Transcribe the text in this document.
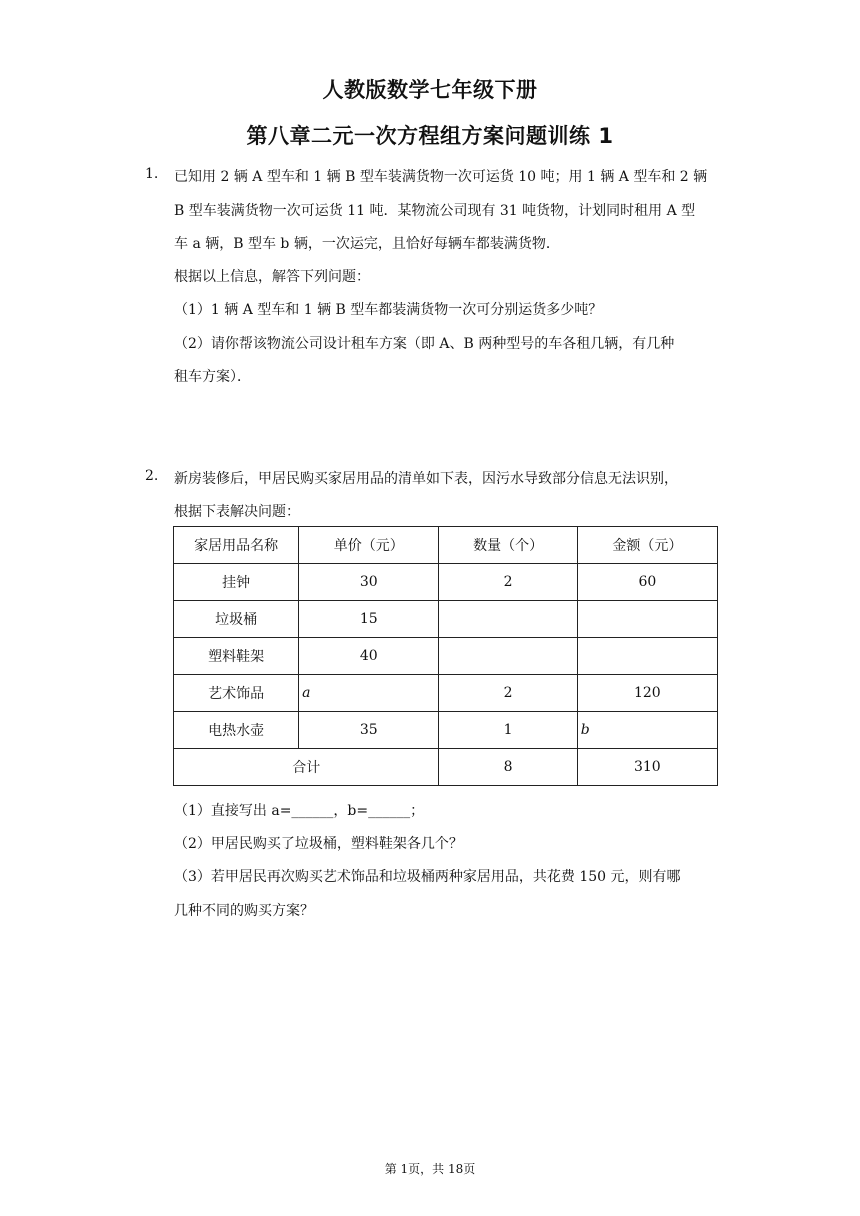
人教版数学七年级下册
第八章二元一次方程组方案问题训练 1
1. 已知用 2 辆 A 型车和 1 辆 B 型车装满货物一次可运货 10 吨；用 1 辆 A 型车和 2 辆
B 型车装满货物一次可运货 11 吨．某物流公司现有 31 吨货物，计划同时租用 A 型
车 a 辆，B 型车 b 辆，一次运完，且恰好每辆车都装满货物．
根据以上信息，解答下列问题：
（1）1 辆 A 型车和 1 辆 B 型车都装满货物一次可分别运货多少吨？
（2）请你帮该物流公司设计租车方案（即 A、B 两种型号的车各租几辆，有几种
租车方案）．
2. 新房装修后，甲居民购买家居用品的清单如下表，因污水导致部分信息无法识别，
根据下表解决问题：
家居用品名称	单价（元）	数量（个）	金额（元）
挂钟	30	2	60
垃圾桶	15		
塑料鞋架	40		
艺术饰品	a	2	120
电热水壶	35	1	b
合计		8	310
（1）直接写出 a=______，b=______；
（2）甲居民购买了垃圾桶，塑料鞋架各几个？
（3）若甲居民再次购买艺术饰品和垃圾桶两种家居用品，共花费 150 元，则有哪
几种不同的购买方案？
第 1页，共 18页
